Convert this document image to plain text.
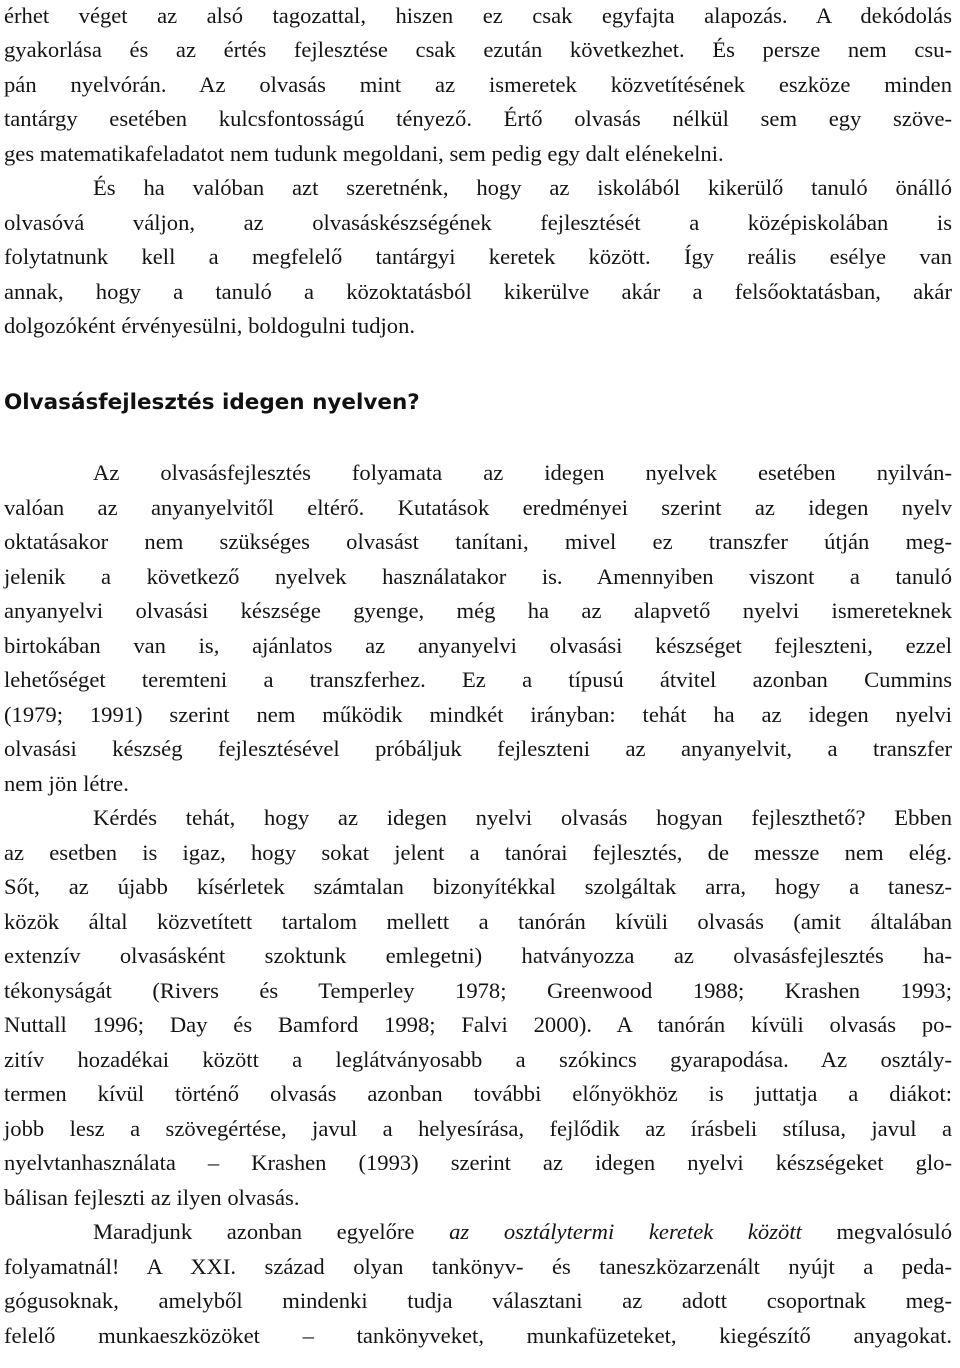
érhet véget az alsó tagozattal, hiszen ez csak egyfajta alapozás. A dekódolás
gyakorlása és az értés fejlesztése csak ezután következhet. És persze nem csu-
pán nyelvórán. Az olvasás mint az ismeretek közvetítésének eszköze minden
tantárgy esetében kulcsfontosságú tényező. Értő olvasás nélkül sem egy szöve-
ges matematikafeladatot nem tudunk megoldani, sem pedig egy dalt elénekelni.
És ha valóban azt szeretnénk, hogy az iskolából kikerülő tanuló önálló
olvasóvá váljon, az olvasáskészségének fejlesztését a középiskolában is
folytatnunk kell a megfelelő tantárgyi keretek között. Így reális esélye van
annak, hogy a tanuló a közoktatásból kikerülve akár a felsőoktatásban, akár
dolgozóként érvényesülni, boldogulni tudjon.
Olvasásfejlesztés idegen nyelven?
Az olvasásfejlesztés folyamata az idegen nyelvek esetében nyilván-
valóan az anyanyelvitől eltérő. Kutatások eredményei szerint az idegen nyelv
oktatásakor nem szükséges olvasást tanítani, mivel ez transzfer útján meg-
jelenik a következő nyelvek használatakor is. Amennyiben viszont a tanuló
anyanyelvi olvasási készsége gyenge, még ha az alapvető nyelvi ismereteknek
birtokában van is, ajánlatos az anyanyelvi olvasási készséget fejleszteni, ezzel
lehetőséget teremteni a transzferhez. Ez a típusú átvitel azonban Cummins
(1979; 1991) szerint nem működik mindkét irányban: tehát ha az idegen nyelvi
olvasási készség fejlesztésével próbáljuk fejleszteni az anyanyelvit, a transzfer
nem jön létre.
Kérdés tehát, hogy az idegen nyelvi olvasás hogyan fejleszthető? Ebben
az esetben is igaz, hogy sokat jelent a tanórai fejlesztés, de messze nem elég.
Sőt, az újabb kísérletek számtalan bizonyítékkal szolgáltak arra, hogy a tanesz-
közök által közvetített tartalom mellett a tanórán kívüli olvasás (amit általában
extenzív olvasásként szoktunk emlegetni) hatványozza az olvasásfejlesztés ha-
tékonyságát (Rivers és Temperley 1978; Greenwood 1988; Krashen 1993;
Nuttall 1996; Day és Bamford 1998; Falvi 2000). A tanórán kívüli olvasás po-
zitív hozadékai között a leglátványosabb a szókincs gyarapodása. Az osztály-
termen kívül történő olvasás azonban további előnyökhöz is juttatja a diákot:
jobb lesz a szövegértése, javul a helyesírása, fejlődik az írásbeli stílusa, javul a
nyelvtanhasználata – Krashen (1993) szerint az idegen nyelvi készségeket glo-
bálisan fejleszti az ilyen olvasás.
Maradjunk azonban egyelőre az osztálytermi keretek között megvalósuló
folyamatnál! A XXI. század olyan tankönyv- és taneszközarzenált nyújt a peda-
gógusoknak, amelyből mindenki tudja választani az adott csoportnak meg-
felelő munkaeszközöket – tankönyveket, munkafüzeteket, kiegészítő anyagokat.
